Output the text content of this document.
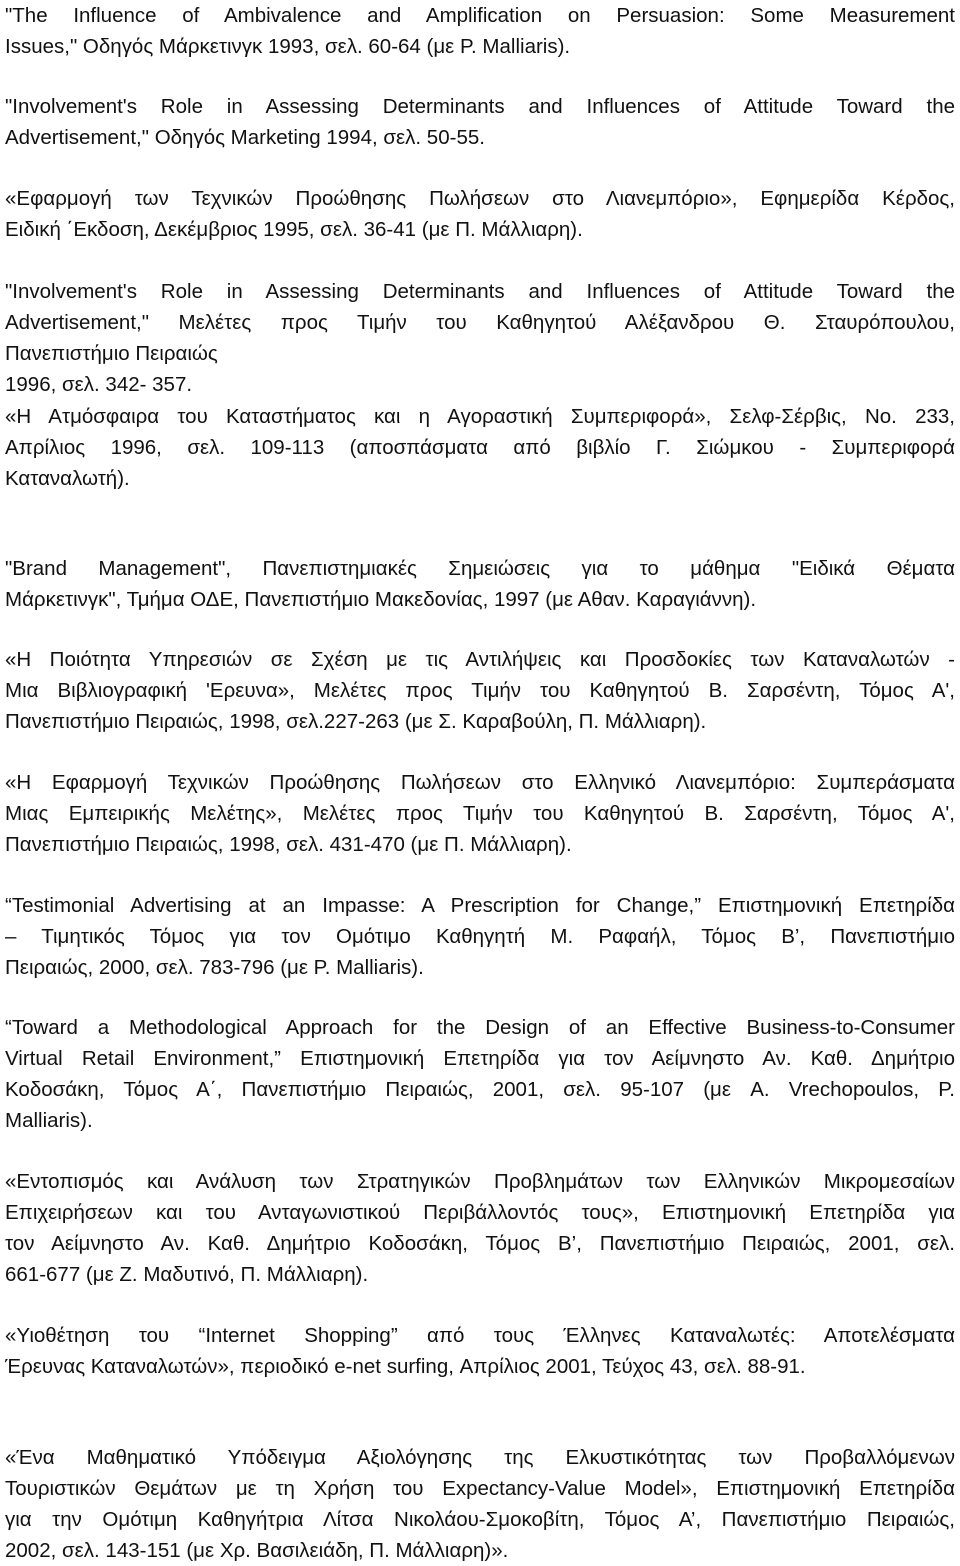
"The Influence of Ambivalence and Amplification on Persuasion: Some Measurement
Issues," Οδηγός Μάρκετινγκ 1993, σελ. 60-64 (με P. Malliaris).

"Involvement's Role in Assessing Determinants and Influences of Attitude Toward the
Advertisement," Οδηγός Marketing 1994, σελ. 50-55.

«Εφαρμογή των Τεχνικών Προώθησης Πωλήσεων στο Λιανεμπόριο», Εφημερίδα Κέρδος,
Ειδική ΄Εκδοση, Δεκέμβριος 1995, σελ. 36-41 (με Π. Μάλλιαρη).

"Involvement's Role in Assessing Determinants and Influences of Attitude Toward the
Advertisement," Μελέτες προς Τιμήν του Καθηγητού Αλέξανδρου Θ. Σταυρόπουλου,
Πανεπιστήμιο Πειραιώς
1996, σελ. 342- 357.

«Η Ατμόσφαιρα του Καταστήματος και η Αγοραστική Συμπεριφορά», Σελφ-Σέρβις, No. 233,
Απρίλιος 1996, σελ. 109-113 (αποσπάσματα από βιβλίο Γ. Σιώμκου - Συμπεριφορά
Καταναλωτή).

"Brand Management", Πανεπιστημιακές Σημειώσεις για το μάθημα "Ειδικά Θέματα
Μάρκετινγκ", Τμήμα ΟΔΕ, Πανεπιστήμιο Μακεδονίας, 1997 (με Αθαν. Καραγιάννη).

«Η Ποιότητα Υπηρεσιών σε Σχέση με τις Αντιλήψεις και Προσδοκίες των Καταναλωτών -
Μια Βιβλιογραφική 'Ερευνα», Μελέτες προς Τιμήν του Καθηγητού Β. Σαρσέντη, Τόμος Α',
Πανεπιστήμιο Πειραιώς, 1998, σελ.227-263 (με Σ. Καραβούλη, Π. Μάλλιαρη).

«Η Εφαρμογή Τεχνικών Προώθησης Πωλήσεων στο Ελληνικό Λιανεμπόριο: Συμπεράσματα
Μιας Εμπειρικής Μελέτης», Μελέτες προς Τιμήν του Καθηγητού Β. Σαρσέντη, Τόμος Α',
Πανεπιστήμιο Πειραιώς, 1998, σελ. 431-470 (με Π. Μάλλιαρη).

“Testimonial Advertising at an Impasse: A Prescription for Change,” Επιστημονική Επετηρίδα
– Τιμητικός Τόμος για τον Ομότιμο Καθηγητή Μ. Ραφαήλ, Τόμος Β’, Πανεπιστήμιο
Πειραιώς, 2000, σελ. 783-796 (με P. Malliaris).

“Toward a Methodological Approach for the Design of an Effective Business-to-Consumer
Virtual Retail Environment,” Επιστημονική Επετηρίδα για τον Αείμνηστο Αν. Καθ. Δημήτριο
Κοδοσάκη, Τόμος Α΄, Πανεπιστήμιο Πειραιώς, 2001, σελ. 95-107 (με A. Vrechopoulos, P.
Malliaris).

«Εντοπισμός και Ανάλυση των Στρατηγικών Προβλημάτων των Ελληνικών Μικρομεσαίων
Επιχειρήσεων και του Ανταγωνιστικού Περιβάλλοντός τους», Επιστημονική Επετηρίδα για
τον Αείμνηστο Αν. Καθ. Δημήτριο Κοδοσάκη, Τόμος Β’, Πανεπιστήμιο Πειραιώς, 2001, σελ.
661-677 (με Ζ. Μαδυτινό, Π. Μάλλιαρη).

«Υιοθέτηση του “Internet Shopping” από τους Έλληνες Καταναλωτές: Αποτελέσματα
Έρευνας Καταναλωτών», περιοδικό e-net surfing, Απρίλιος 2001, Τεύχος 43, σελ. 88-91.

«Ένα Μαθηματικό Υπόδειγμα Αξιολόγησης της Ελκυστικότητας των Προβαλλόμενων
Τουριστικών Θεμάτων με τη Χρήση του Expectancy-Value Model», Επιστημονική Επετηρίδα
για την Ομότιμη Καθηγήτρια Λίτσα Νικολάου-Σμοκοβίτη, Τόμος Α’, Πανεπιστήμιο Πειραιώς,
2002, σελ. 143-151 (με Χρ. Βασιλειάδη, Π. Μάλλιαρη)».
